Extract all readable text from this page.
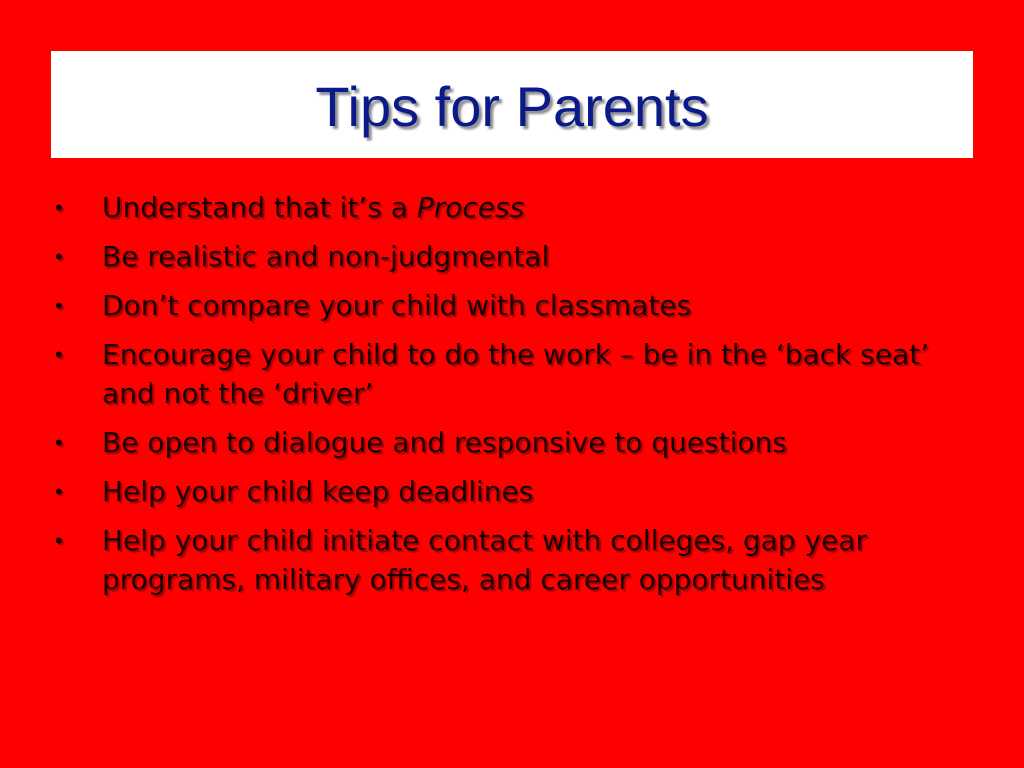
Tips for Parents
• Understand that it’s a Process
• Be realistic and non-judgmental
• Don’t compare your child with classmates
• Encourage your child to do the work – be in the ‘back seat’ and not the ‘driver’
• Be open to dialogue and responsive to questions
• Help your child keep deadlines
• Help your child initiate contact with colleges, gap year programs, military offices, and career opportunities
